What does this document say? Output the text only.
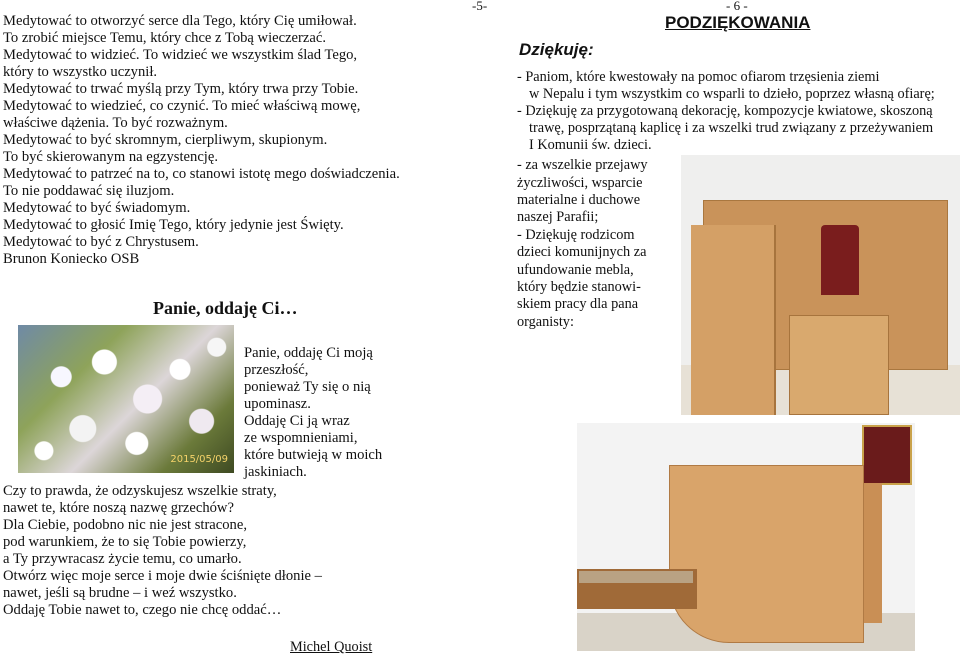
-5-
Medytować to otworzyć serce dla Tego, który Cię umiłował.
To zrobić miejsce Temu, który chce z Tobą wieczerzać.
Medytować to widzieć. To widzieć we wszystkim ślad Tego,
który to wszystko uczynił.
Medytować to trwać myślą przy Tym, który trwa przy Tobie.
Medytować to wiedzieć, co czynić. To mieć właściwą mowę,
właściwe dążenia. To być rozważnym.
Medytować to być skromnym, cierpliwym, skupionym.
To być skierowanym na egzystencję.
Medytować to patrzeć na to, co stanowi istotę mego doświadczenia.
To nie poddawać się iluzjom.
Medytować to być świadomym.
Medytować to głosić Imię Tego, który jedynie jest Święty.
Medytować to być z Chrystusem.
Brunon Koniecko OSB
Panie, oddaję Ci…
2015/05/09
Panie, oddaję Ci moją
przeszłość,
ponieważ Ty się o nią
upominasz.
Oddaję Ci ją wraz
ze wspomnieniami,
które butwieją w moich
jaskiniach.
Czy to prawda, że odzyskujesz wszelkie straty,
nawet te, które noszą nazwę grzechów?
Dla Ciebie, podobno nic nie jest stracone,
pod warunkiem, że to się Tobie powierzy,
a Ty przywracasz życie temu, co umarło.
Otwórz więc moje serce i moje dwie ściśnięte dłonie –
nawet, jeśli są brudne – i weź wszystko.
Oddaję Tobie nawet to, czego nie chcę oddać…
Michel Quoist
- 6 -
PODZIĘKOWANIA
Dziękuję:
- Paniom, które kwestowały na pomoc ofiarom trzęsienia ziemi
w Nepalu i tym wszystkim co wsparli to dzieło, poprzez własną ofiarę;
- Dziękuję za przygotowaną dekorację, kompozycje kwiatowe, skoszoną
trawę, posprzątaną kaplicę i za wszelki trud związany z przeżywaniem
I Komunii św. dzieci.
- za wszelkie przejawy
życzliwości, wsparcie
materialne i duchowe
naszej Parafii;
- Dziękuję rodzicom
dzieci komunijnych za
ufundowanie mebla,
który będzie stanowi-
skiem pracy dla pana
organisty:
